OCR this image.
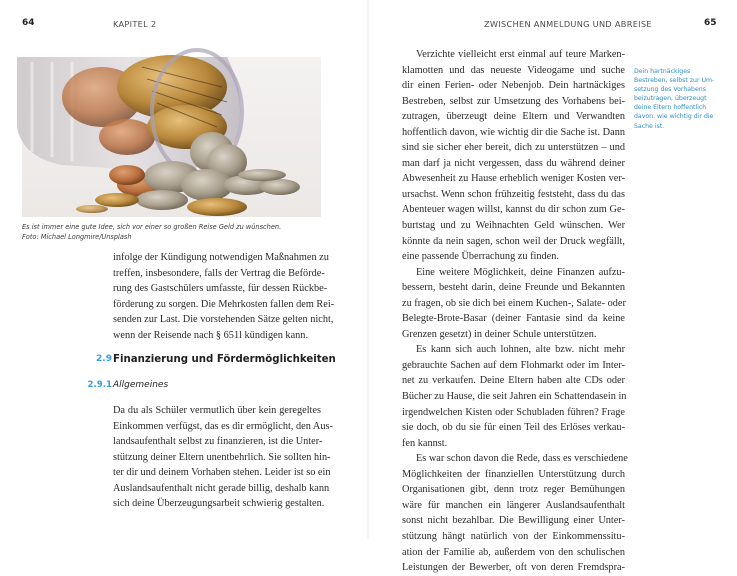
64	KAPITEL 2
Es ist immer eine gute Idee, sich vor einer so großen Reise Geld zu wünschen.
Foto: Michael Longmire/Unsplash
infolge der Kündigung notwendigen Maßnahmen zu
treffen, insbesondere, falls der Vertrag die Beförde-
rung des Gastschülers umfasste, für dessen Rückbe-
förderung zu sorgen. Die Mehrkosten fallen dem Rei-
senden zur Last. Die vorstehenden Sätze gelten nicht,
wenn der Reisende nach § 651l kündigen kann.
2.9 Finanzierung und Fördermöglichkeiten
2.9.1 Allgemeines
Da du als Schüler vermutlich über kein geregeltes
Einkommen verfügst, das es dir ermöglicht, den Aus-
landsaufenthalt selbst zu finanzieren, ist die Unter-
stützung deiner Eltern unentbehrlich. Sie sollten hin-
ter dir und deinem Vorhaben stehen. Leider ist so ein
Auslandsaufenthalt nicht gerade billig, deshalb kann
sich deine Überzeugungsarbeit schwierig gestalten.
ZWISCHEN ANMELDUNG UND ABREISE	65
Verzichte vielleicht erst einmal auf teure Marken-
klamotten und das neueste Videogame und suche
dir einen Ferien- oder Nebenjob. Dein hartnäckiges
Bestreben, selbst zur Umsetzung des Vorhabens bei-
zutragen, überzeugt deine Eltern und Verwandten
hoffentlich davon, wie wichtig dir die Sache ist. Dann
sind sie sicher eher bereit, dich zu unterstützen – und
man darf ja nicht vergessen, dass du während deiner
Abwesenheit zu Hause erheblich weniger Kosten ver-
ursachst. Wenn schon frühzeitig feststeht, dass du das
Abenteuer wagen willst, kannst du dir schon zum Ge-
burtstag und zu Weihnachten Geld wünschen. Wer
könnte da nein sagen, schon weil der Druck wegfällt,
eine passende Überrachung zu finden.
Eine weitere Möglichkeit, deine Finanzen aufzu-
bessern, besteht darin, deine Freunde und Bekannten
zu fragen, ob sie dich bei einem Kuchen-, Salate- oder
Belegte-Brote-Basar (deiner Fantasie sind da keine
Grenzen gesetzt) in deiner Schule unterstützen.
Es kann sich auch lohnen, alte bzw. nicht mehr
gebrauchte Sachen auf dem Flohmarkt oder im Inter-
net zu verkaufen. Deine Eltern haben alte CDs oder
Bücher zu Hause, die seit Jahren ein Schattendasein in
irgendwelchen Kisten oder Schubladen führen? Frage
sie doch, ob du sie für einen Teil des Erlöses verkau-
fen kannst.
Es war schon davon die Rede, dass es verschiedene
Möglichkeiten der finanziellen Unterstützung durch
Organisationen gibt, denn trotz reger Bemühungen
wäre für manchen ein längerer Auslandsaufenthalt
sonst nicht bezahlbar. Die Bewilligung einer Unter-
stützung hängt natürlich von der Einkommenssitu-
ation der Familie ab, außerdem von den schulischen
Leistungen der Bewerber, oft von deren Fremdspra-
Dein hartnäckiges
Bestreben, selbst zur Um-
setzung des Vorhabens
beizutragen, überzeugt
deine Eltern hoffentlich
davon, wie wichtig dir die
Sache ist.
